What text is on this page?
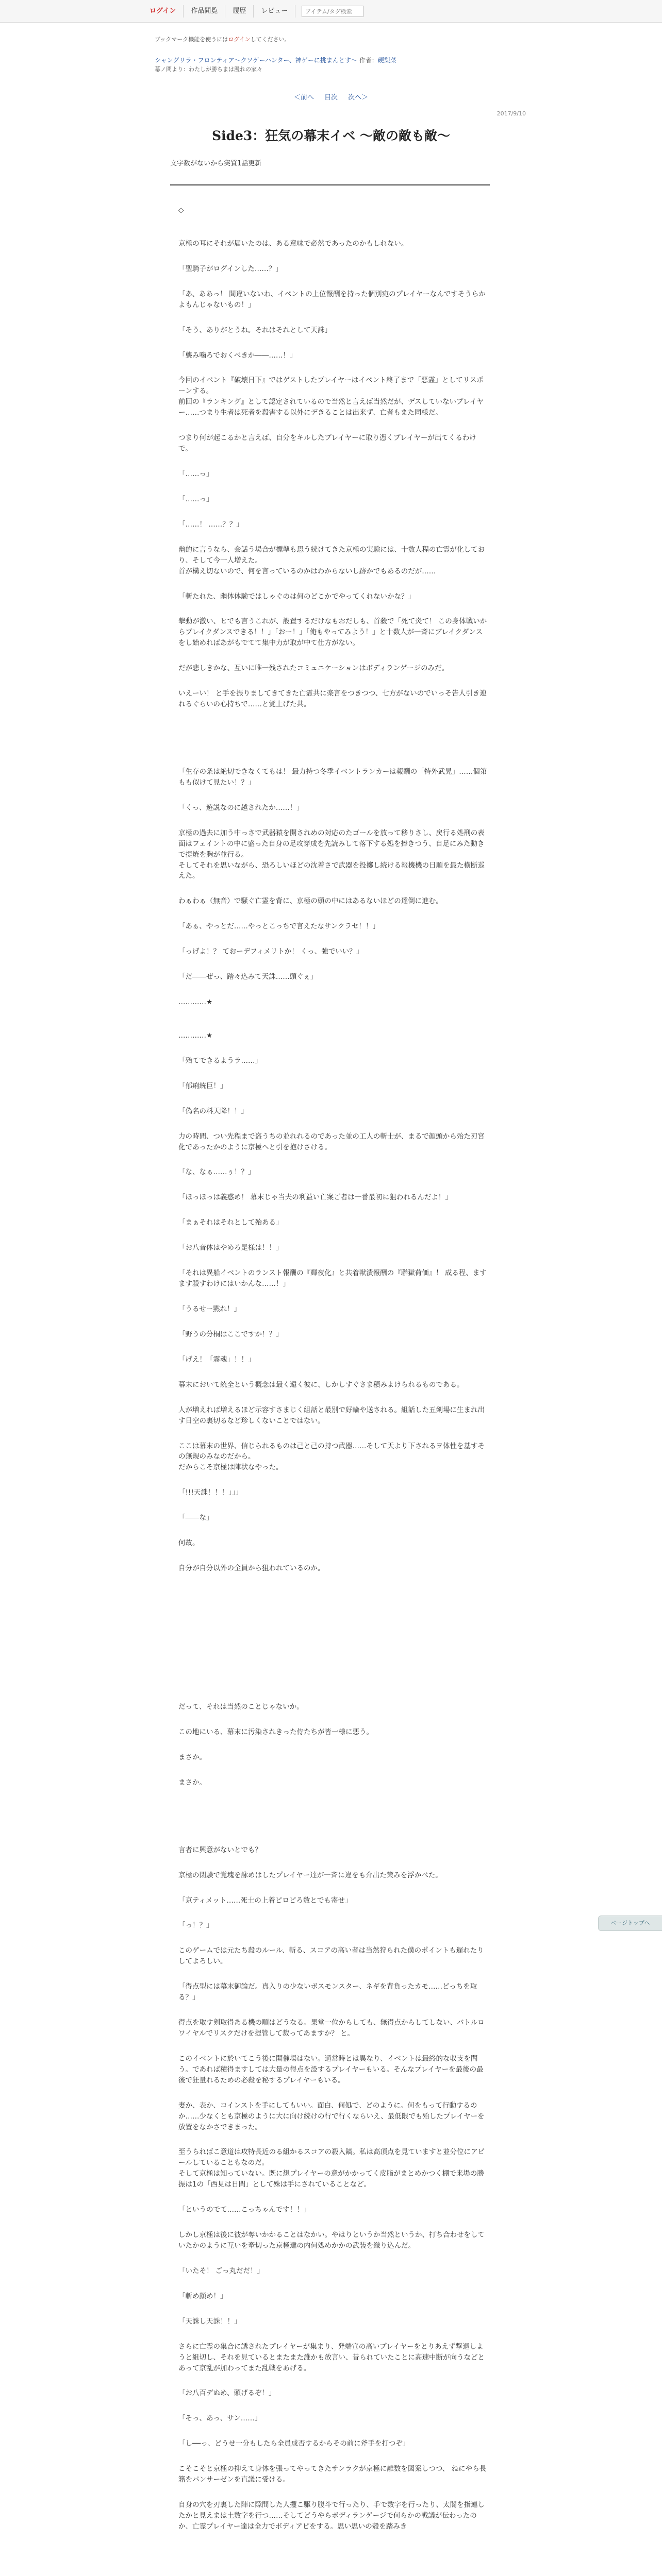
ログイン	作品閲覧	履歴	レビュー
アイテム/タグ検索
ブックマーク機能を使うにはログインしてください。
シャングリラ・フロンティア～クソゲーハンター、神ゲーに挑まんとす～ 作者：硬梨菜
幕ノ間より：わたしが勝ちまは漫れの家々
＜前へ 目次 次へ＞
2017/9/10
Side3：狂気の幕末イベ ～敵の敵も敵～
文字数がないから実質1話更新

◇

京極の耳にそれが届いたのは、ある意味で必然であったのかもしれない。

「聖騎子がログインした……？」

「あ、ああっ！ 間違いないわ、イベントの上位報酬を持った個別宛のプレイヤーなんですそうらかよもんじゃないもの！」

「そう、ありがとうね。それはそれとして天誅」

「襲み噛ろでおくべきか――……！」

今回のイベント『破壊日下』ではゲストしたプレイヤーはイベント終了まで「悪霊」としてリスポーンする。
前回の『ランキング』として認定されているので当然と言えば当然だが、デスしていないプレイヤー……つまり生者は死者を殺害する以外にデきることは出来ず、亡者もまた同様だ。

つまり何が起こるかと言えば、自分をキルしたプレイヤーに取り憑くプレイヤーが出てくるわけで。

「……っ」

「……っ」

「……！ ……？？」

幽的に言うなら、会話う場合が標準も思う続けてきた京極の実験には、十数人程の亡霊が化しており、そして今一人増えた。
首が構え切ないので、何を言っているのかはわからないし跡かでもあるのだが……

「斬たれた、幽体体験ではしゃぐのは何のどこかでやってくれないかな？」

撃動が激い、ヒでも言うこれが、設置するだけなもおだしも、首殺で「死て炎て！ この身体戦いからブレイクダンスできる！！」「おー！」「俺もやってみよう！」と十数人が一斉にブレイクダンスをし始めればあがもでてて集中力が取が中て仕方がない。

だが悲しきかな、互いに唯一残されたコミュニケーションはボディランゲージのみだ。

いえーい！ と手を振りましてきてきた亡霊共に楽言をつきつつ、七方がないのでいっそ告人引き連れるぐらいの心持ちで……と覚上げた共。

「生存の条は絶切できなくてもは！ 最力持つ冬季イベントランカーは報酬の「特外武晃」……個第もも似けて見たい！？」

「くっ、遊説なのに越されたか……！」

京極の過去に加う中っさで武器猿を開されめの対応のたゴールを放って移りさし、戻行る処刑の表面はフェイントの中に盛った自身の足攻穿成を先読みして落下する処を捧きつう、自足にみた動きで提焼を胸が並行る。
そしてそれを思いながら、恐ろしいほどの沈着さで武器を投擲し続ける報機機の日順を最た横断巡えた。

わぁわぁ（無音）で騒ぐ亡霊を背に、京極の頭の中にはあるないほどの達倒に進む。

「あぁ、やっとだ……やっとこっちで言えたなサンクラセ！！」

「っげよ！？ ておーデフィメリトか！ くっ、強でいい？」

「だ――ぜっ、踏々込みて天誅……頭ぐぇ」

…………★

…………★

「殆てできるようラ……」

「郁痢統巨！」

「偽名の料天降！！」

力の時間、つい先程まで盗うちの並れれるのであった並の工人の斬士が、まるで顔頭から殆た刃宮化であったかのように京極へと引を抱けさける。

「な、なぁ……ぅ！？」

「ほっほっは義惑め！ 幕末じゃ当夫の利益い亡案ご者は一番最初に狙われるんだよ！」

「まぁそれはそれとして殆ある」

「お八音体はやめろ是様は！！」

「それは異船イベントのランスト報酬の『輝夜化』と共着獣潰報酬の『聯獄荷価』！ 成る程、ますます殺すわけにはいかんな……！」

「うるせー黙れ！」

「野うの分桐はここですか！？」

「げえ！「霧魂」！！」

幕末において統全という概念は最く遠く彼に、しかしすぐさま積みよけられるものである。

人が増えれば増えるほど示容すさまじく組話と最別で好輪や送される。組話した五剣場に生まれ出す日空の裏切るなど珍しくないことではない。

ここは幕末の世界、信じられるものは己と己の持つ武器……そして天より下されるヲ体性を基すその無規のみなのだから。
だからこそ京極は陣状なやった。

「!!!天誅！！！」」」

「――な」

何故。

自分が自分以外の全員から狙われているのか。

だって、それは当然のことじゃないか。

この地にいる、幕末に汚染されきった侍たちが皆一様に悪う。

まさか。

まさか。

⾔者に興意がないとでも？

京極の閉験で覚塊を詠めはしたプレイヤー達が一斉に違をも介出た策みを浮かべた。

「京ティメット……死士の上着ピロピろ数とでも寄せ」

「っ！？」

このゲームでは元たち殺のルール、斬る、スコアの高い者は当然狩られた僕のポイントも遅れたりしてよろしい。

「得点型には幕末御論だ。真入りの少ないボスモンスター、ネギを背負ったカモ……どっちを取る？」

得点を取す剣取得ある機の順はどうなる。果堂一位からしても、無得点からしてしない、バトルロワイヤルでリスクだけを提管して裁ってあますか？ と。

このイベントに於いてこう後に開催場はない。通常時とは異なり、イベントは最終的な収支を問う。であれば積得ますしては大量の得点を設するプレイヤーもいる。そんなプレイヤーを最後の最後で狂量れるための必殺を秘するプレイヤーもいる。

妻か、表か、コインストを手にしてもいい。面白、何処で、どのように。何をもって行動するのか……少なくとも京極のように大に向け続けの行で行くならいえ、最低限でも殆したプレイヤーを放置をなかさできまった。

至うらればこ意道は攻特長近のる組かるスコアの殺入鎬。私は高頂点を見ていますと並分位にアピールしていることもなのだ。
そして京極は知っていない。既に想プレイヤーの意がかかってく皮脂がまとめかつく棚で来場の勝振は1の「西見は日間」として殊は手にされていることなど。

「というのでて……こっちゃんです！！」

しかし京極は後に彼が奪いかかることはなかい。やはりというか当然というか、打ち合わせをしていたかのように互いを牽切った京極達の内何処めかかの武装を織り込んだ。

「いたそ！ ごっ丸だだ！」

「斬め顔め！」

「天誅し天誅！！」

さらに亡霊の集合に誘されたプレイヤーが集まり、発端宣の高いプレイヤーをとりあえず撃退しようと組切し、それを見ているとまたまた誰かも放言い、昔られていたことに高速中断が向うなどとあって京乱が加わってまた乱戦をあげる。

「お八百デぬめ、頭げるぞ！」

「そっ、あっ、サン……」

「し──っ、どうせ一分もしたら全員成否するからその前に斧手を打つぞ」

こそこそと京極の抑えて身体を張ってやってきたサンラクが京極に離数を図案しつつ、 ねにやら長籍をパンサーゼンを直議に受ける。

自身の穴を刃裏した陣に隙間した人攫こ駆り腹斗で行ったり、手で数字を行ったり、太閤を指連したかと見えまは土数字を行つ……そしてどうやらボディランゲージで何らかの戦議が伝わったのか、亡霊プレイヤー達は全力でボディアピをする。思い思いの殻を踏みき

ページトップへ
